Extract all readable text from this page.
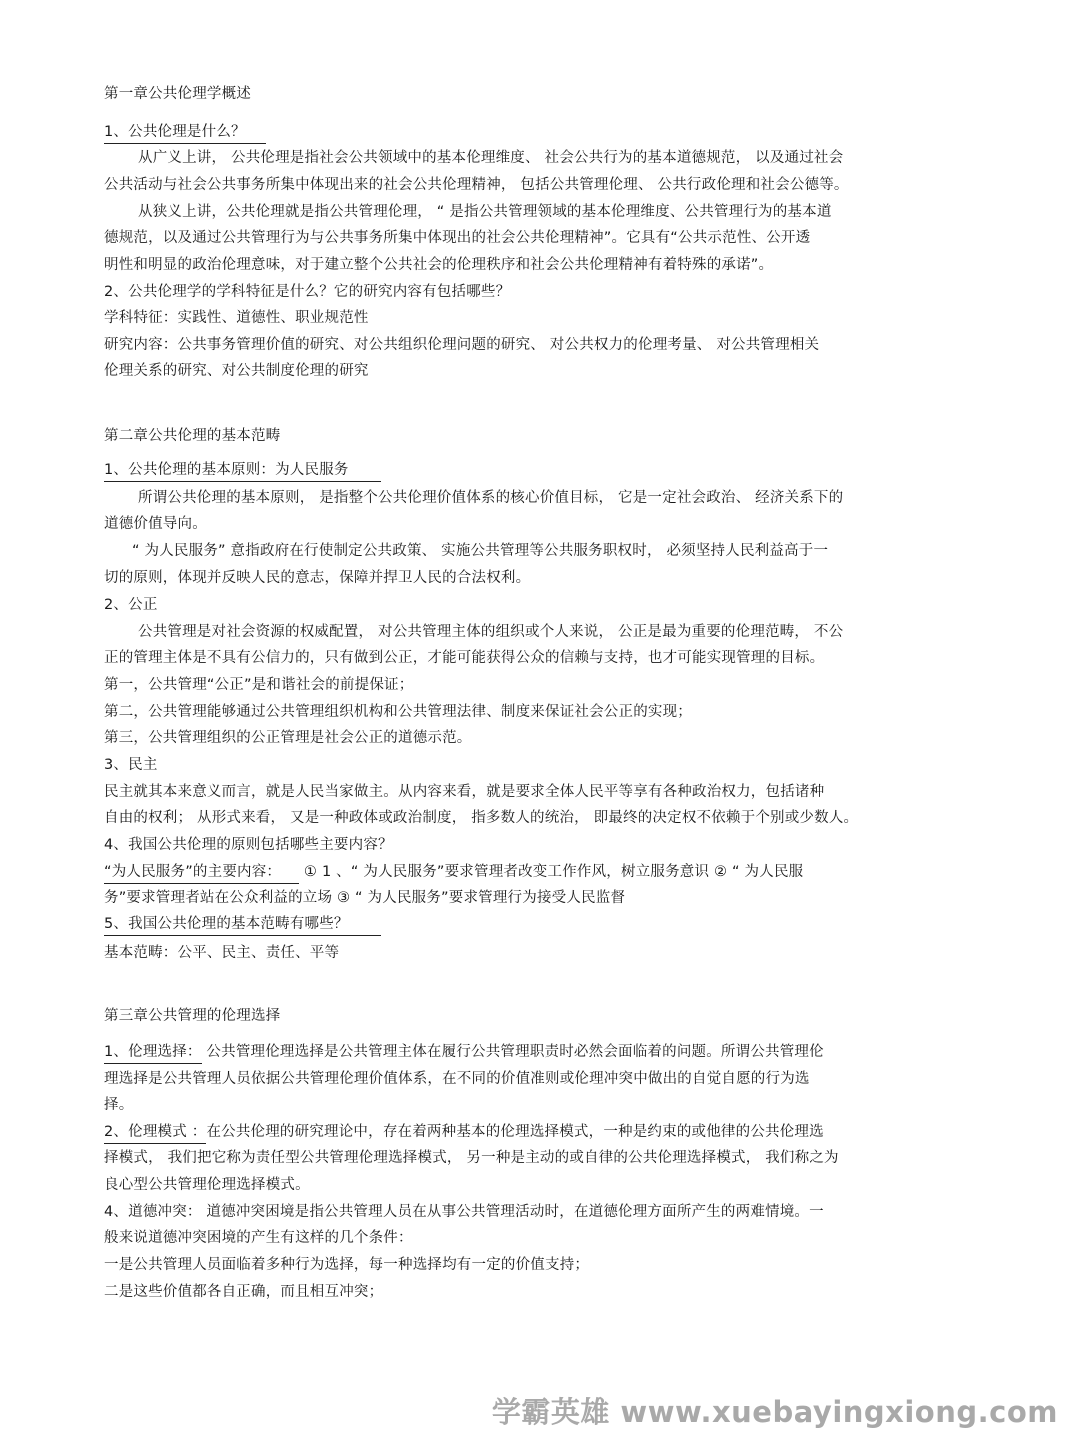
第一章公共伦理学概述
1、公共伦理是什么？
从广义上讲， 公共伦理是指社会公共领域中的基本伦理维度、 社会公共行为的基本道德规范， 以及通过社会
公共活动与社会公共事务所集中体现出来的社会公共伦理精神， 包括公共管理伦理、 公共行政伦理和社会公德等。
从狭义上讲，公共伦理就是指公共管理伦理， “ 是指公共管理领域的基本伦理维度、公共管理行为的基本道
德规范，以及通过公共管理行为与公共事务所集中体现出的社会公共伦理精神”。它具有“公共示范性、公开透
明性和明显的政治伦理意味，对于建立整个公共社会的伦理秩序和社会公共伦理精神有着特殊的承诺”。
2、公共伦理学的学科特征是什么？它的研究内容有包括哪些？
学科特征：实践性、道德性、职业规范性
研究内容：公共事务管理价值的研究、对公共组织伦理问题的研究、 对公共权力的伦理考量、 对公共管理相关
伦理关系的研究、对公共制度伦理的研究
第二章公共伦理的基本范畴
1、公共伦理的基本原则：为人民服务
所谓公共伦理的基本原则， 是指整个公共伦理价值体系的核心价值目标， 它是一定社会政治、 经济关系下的
道德价值导向。
“ 为人民服务” 意指政府在行使制定公共政策、 实施公共管理等公共服务职权时， 必须坚持人民利益高于一
切的原则，体现并反映人民的意志，保障并捍卫人民的合法权利。
2、公正
公共管理是对社会资源的权威配置， 对公共管理主体的组织或个人来说， 公正是最为重要的伦理范畴， 不公
正的管理主体是不具有公信力的，只有做到公正，才能可能获得公众的信赖与支持，也才可能实现管理的目标。
第一，公共管理“公正”是和谐社会的前提保证；
第二，公共管理能够通过公共管理组织机构和公共管理法律、制度来保证社会公正的实现；
第三，公共管理组织的公正管理是社会公正的道德示范。
3、民主
民主就其本来意义而言，就是人民当家做主。从内容来看，就是要求全体人民平等享有各种政治权力，包括诸种
自由的权利； 从形式来看， 又是一种政体或政治制度， 指多数人的统治， 即最终的决定权不依赖于个别或少数人。
4、我国公共伦理的原则包括哪些主要内容？
“为人民服务”的主要内容： ① 1 、“ 为人民服务”要求管理者改变工作作风，树立服务意识 ② “ 为人民服
务”要求管理者站在公众利益的立场 ③ “ 为人民服务”要求管理行为接受人民监督
5、我国公共伦理的基本范畴有哪些？
基本范畴：公平、民主、责任、平等
第三章公共管理的伦理选择
1、伦理选择： 公共管理伦理选择是公共管理主体在履行公共管理职责时必然会面临着的问题。所谓公共管理伦
理选择是公共管理人员依据公共管理伦理价值体系，在不同的价值准则或伦理冲突中做出的自觉自愿的行为选
择。
2、伦理模式 ：在公共伦理的研究理论中，存在着两种基本的伦理选择模式，一种是约束的或他律的公共伦理选
择模式， 我们把它称为责任型公共管理伦理选择模式， 另一种是主动的或自律的公共伦理选择模式， 我们称之为
良心型公共管理伦理选择模式。
4、道德冲突： 道德冲突困境是指公共管理人员在从事公共管理活动时，在道德伦理方面所产生的两难情境。一
般来说道德冲突困境的产生有这样的几个条件：
一是公共管理人员面临着多种行为选择，每一种选择均有一定的价值支持；
二是这些价值都各自正确，而且相互冲突；
学霸英雄 www.xuebayingxiong.com
